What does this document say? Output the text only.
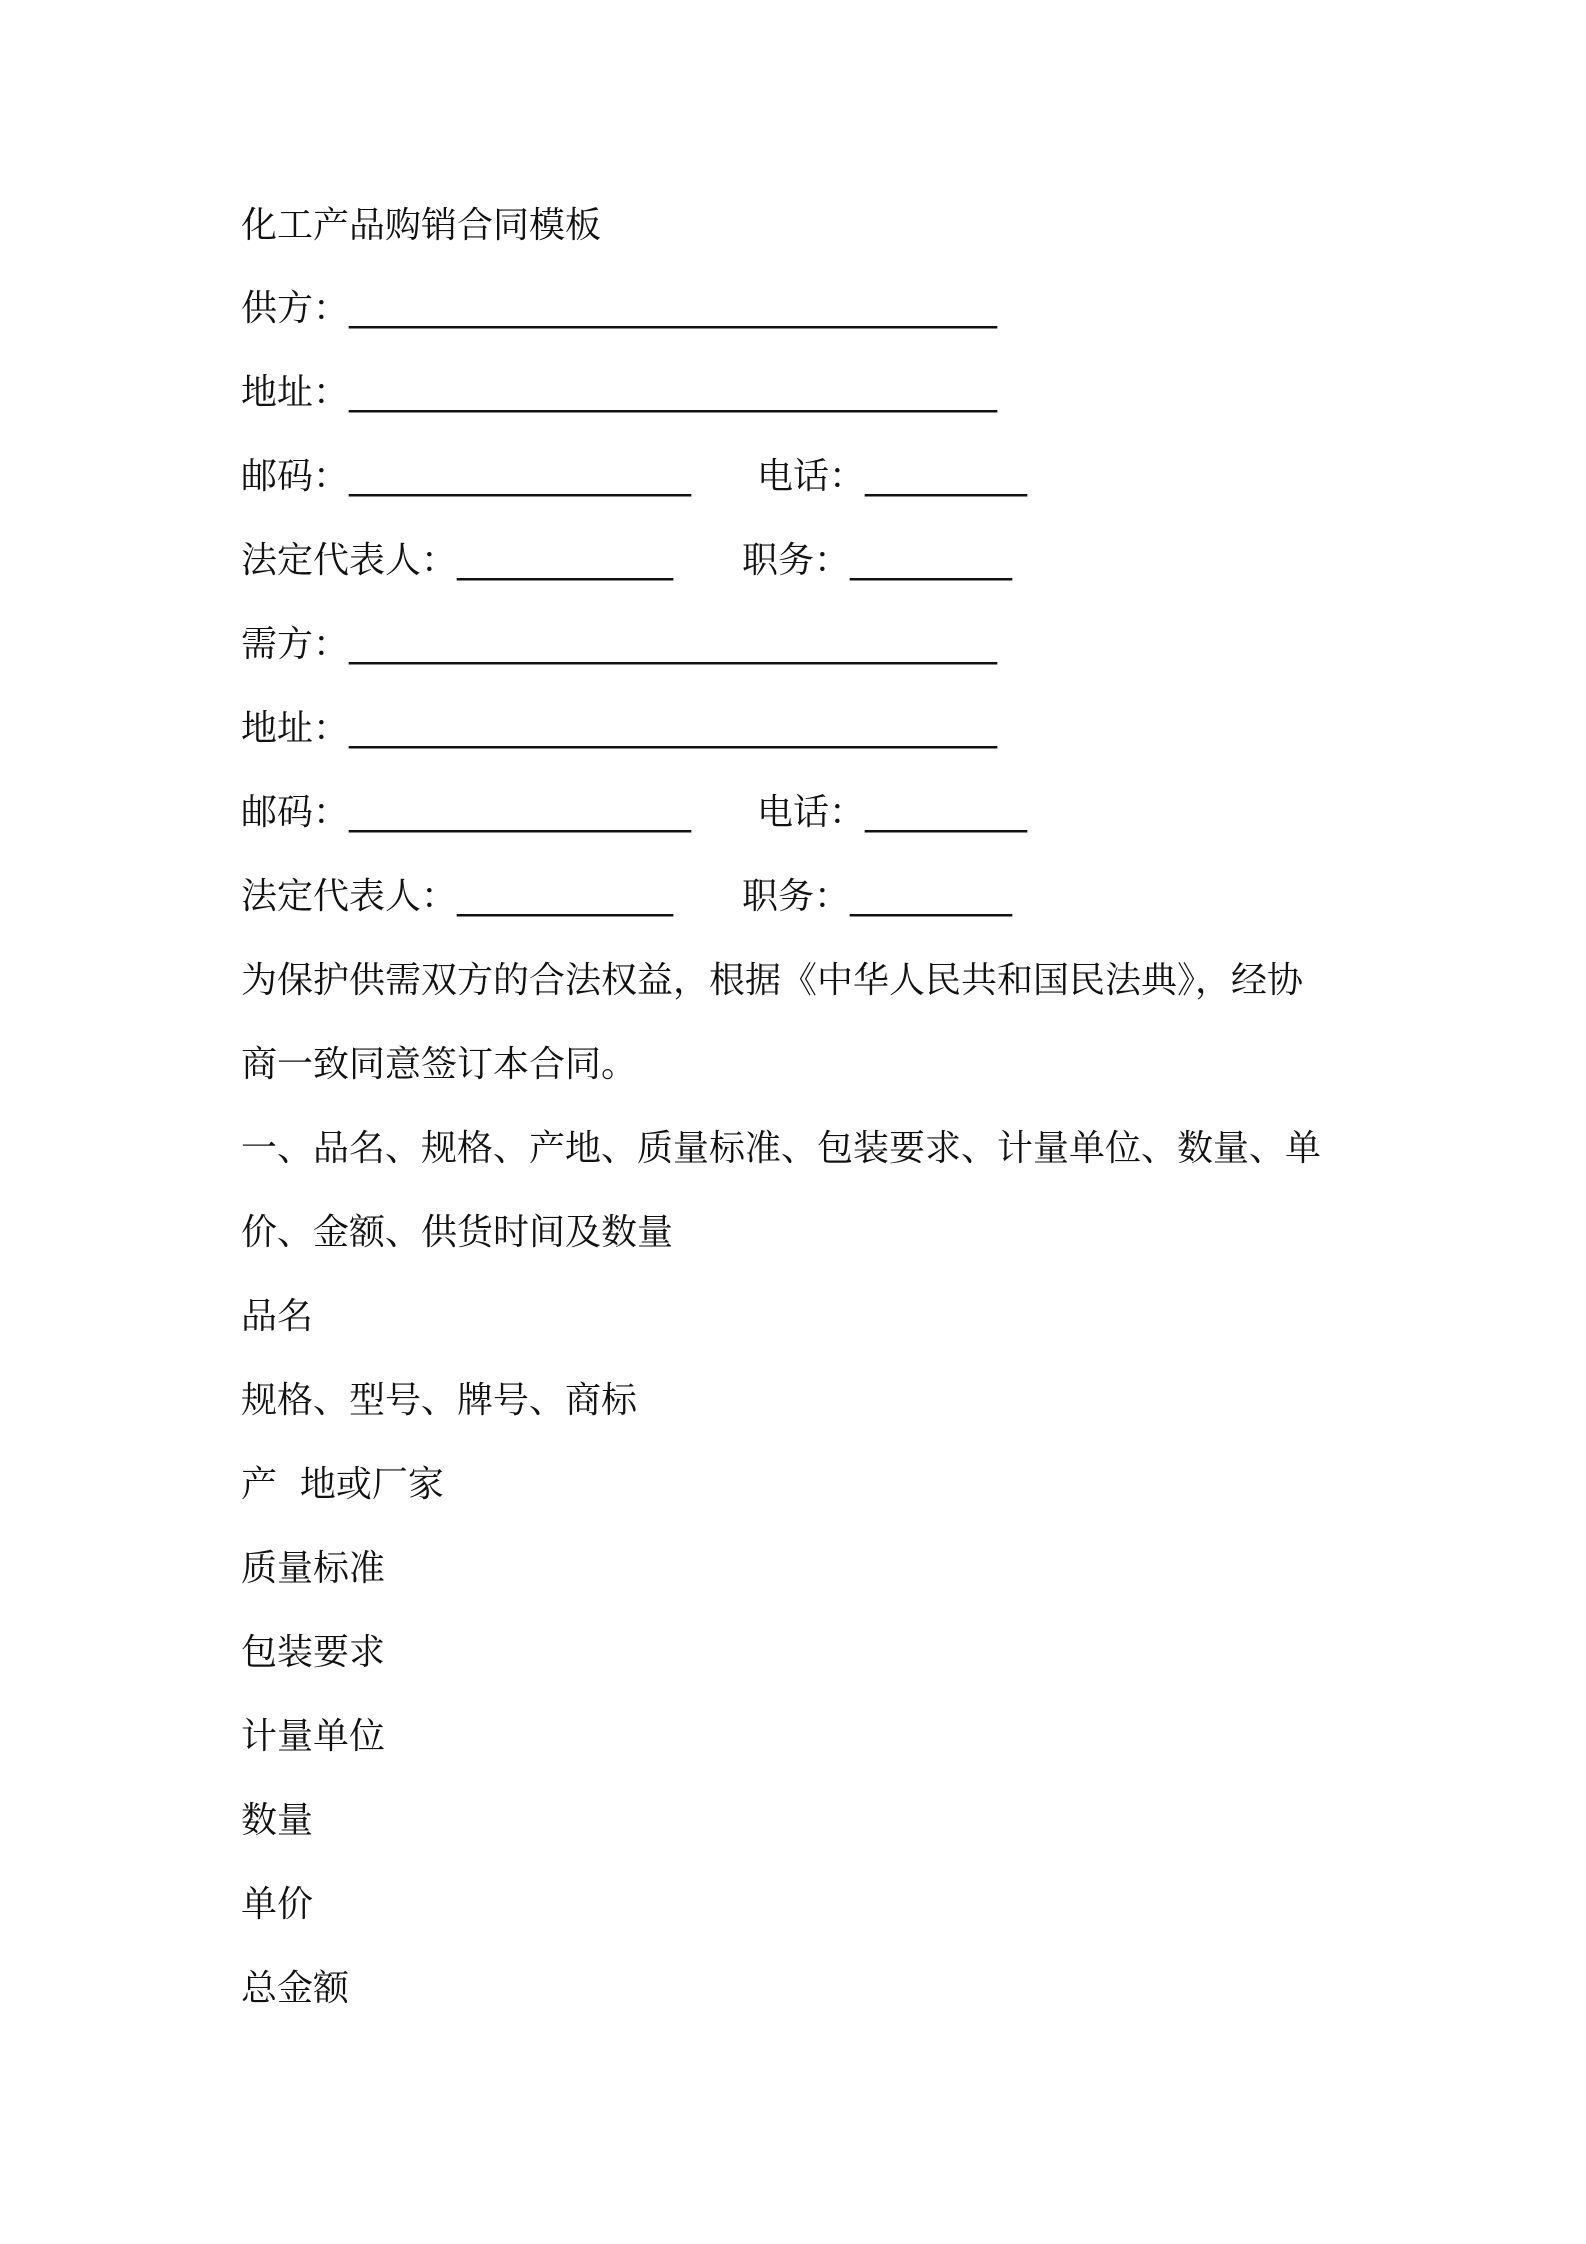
化工产品购销合同模板
供方：____________________________________
地址：____________________________________
邮码：___________________ 电话：_________
法定代表人：____________ 职务：_________
需方：____________________________________
地址：____________________________________
邮码：___________________ 电话：_________
法定代表人：____________ 职务：_________
为保护供需双方的合法权益，根据《中华人民共和国民法典》，经协
商一致同意签订本合同。
一、品名、规格、产地、质量标准、包装要求、计量单位、数量、单
价、金额、供货时间及数量
品名
规格、型号、牌号、商标
产  地或厂家
质量标准
包装要求
计量单位
数量
单价
总金额
